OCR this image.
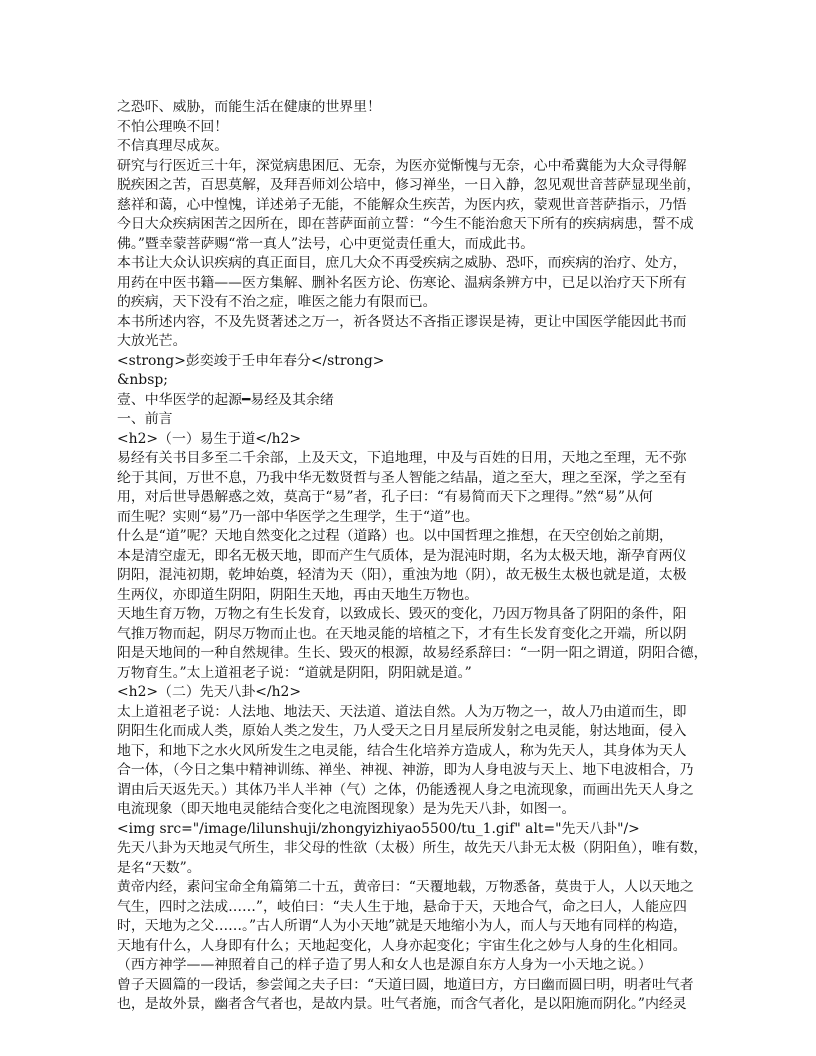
之恐吓、威胁，而能生活在健康的世界里！
不怕公理唤不回！
不信真理尽成灰。
研究与行医近三十年，深觉病患困厄、无奈，为医亦觉惭愧与无奈，心中希冀能为大众寻得解
脱疾困之苦，百思莫解，及拜吾师刘公培中，修习禅坐，一日入静，忽见观世音菩萨显现坐前，
慈祥和蔼，心中惶愧，详述弟子无能，不能解众生疾苦，为医内疚，蒙观世音菩萨指示，乃悟
今日大众疾病困苦之因所在，即在菩萨面前立誓：“今生不能治愈天下所有的疾病病患，誓不成
佛。”暨幸蒙菩萨赐“常一真人”法号，心中更觉责任重大，而成此书。
本书让大众认识疾病的真正面目，庶几大众不再受疾病之威胁、恐吓，而疾病的治疗、处方，
用药在中医书籍——医方集解、删补名医方论、伤寒论、温病条辨方中，已足以治疗天下所有
的疾病，天下没有不治之症，唯医之能力有限而已。
本书所述内容，不及先贤著述之万一，祈各贤达不吝指正谬误是祷，更让中国医学能因此书而
大放光芒。
<strong>彭奕竣于壬申年春分</strong>
&nbsp;
壹、中华医学的起源━易经及其余绪
一、前言
<h2>（一）易生于道</h2>
易经有关书目多至二千余部，上及天文，下追地理，中及与百姓的日用，天地之至理，无不弥
纶于其间，万世不息，乃我中华无数贤哲与圣人智能之结晶，道之至大，理之至深，学之至有
用，对后世导愚解惑之效，莫高于“易”者，孔子曰：“有易简而天下之理得。”然“易”从何
而生呢？实则“易”乃一部中华医学之生理学，生于“道”也。
什么是“道”呢？天地自然变化之过程（道路）也。以中国哲理之推想，在天空创始之前期，
本是清空虚无，即名无极天地，即而产生气质体，是为混沌时期，名为太极天地，渐孕育两仪
阴阳，混沌初期，乾坤始奠，轻清为天（阳），重浊为地（阴），故无极生太极也就是道，太极
生两仪，亦即道生阴阳，阴阳生天地，再由天地生万物也。
天地生育万物，万物之有生长发育，以致成长、毁灭的变化，乃因万物具备了阴阳的条件，阳
气推万物而起，阴尽万物而止也。在天地灵能的培植之下，才有生长发育变化之开端，所以阴
阳是天地间的一种自然规律。生长、毁灭的根源，故易经系辞曰：“一阴一阳之谓道，阴阳合德，
万物育生。”太上道祖老子说：“道就是阴阳，阴阳就是道。”
<h2>（二）先天八卦</h2>
太上道祖老子说：人法地、地法天、天法道、道法自然。人为万物之一，故人乃由道而生，即
阴阳生化而成人类，原始人类之发生，乃人受天之日月星辰所发射之电灵能，射达地面，侵入
地下，和地下之水火风所发生之电灵能，结合生化培养方造成人，称为先天人，其身体为天人
合一体，（今日之集中精神训练、禅坐、神视、神游，即为人身电波与天上、地下电波相合，乃
谓由后天返先天。）其体乃半人半神（气）之体，仍能透视人身之电流现象，而画出先天人身之
电流现象（即天地电灵能结合变化之电流图现象）是为先天八卦，如图一。
<img src="/image/lilunshuji/zhongyizhiyao5500/tu_1.gif" alt="先天八卦"/>
先天八卦为天地灵气所生，非父母的性欲（太极）所生，故先天八卦无太极（阴阳鱼），唯有数，
是名“天数”。
黄帝内经，素问宝命全角篇第二十五，黄帝曰：“天覆地载，万物悉备，莫贵于人，人以天地之
气生，四时之法成……”，岐伯曰：“夫人生于地，悬命于天，天地合气，命之曰人，人能应四
时，天地为之父……。”古人所谓“人为小天地”就是天地缩小为人，而人与天地有同样的构造，
天地有什么，人身即有什么；天地起变化，人身亦起变化；宇宙生化之妙与人身的生化相同。
（西方神学——神照着自己的样子造了男人和女人也是源自东方人身为一小天地之说。）
曾子天圆篇的一段话，参尝闻之夫子曰：“天道曰圆，地道曰方，方曰幽而圆曰明，明者吐气者
也，是故外景，幽者含气者也，是故内景。吐气者施，而含气者化，是以阳施而阴化。”内经灵
